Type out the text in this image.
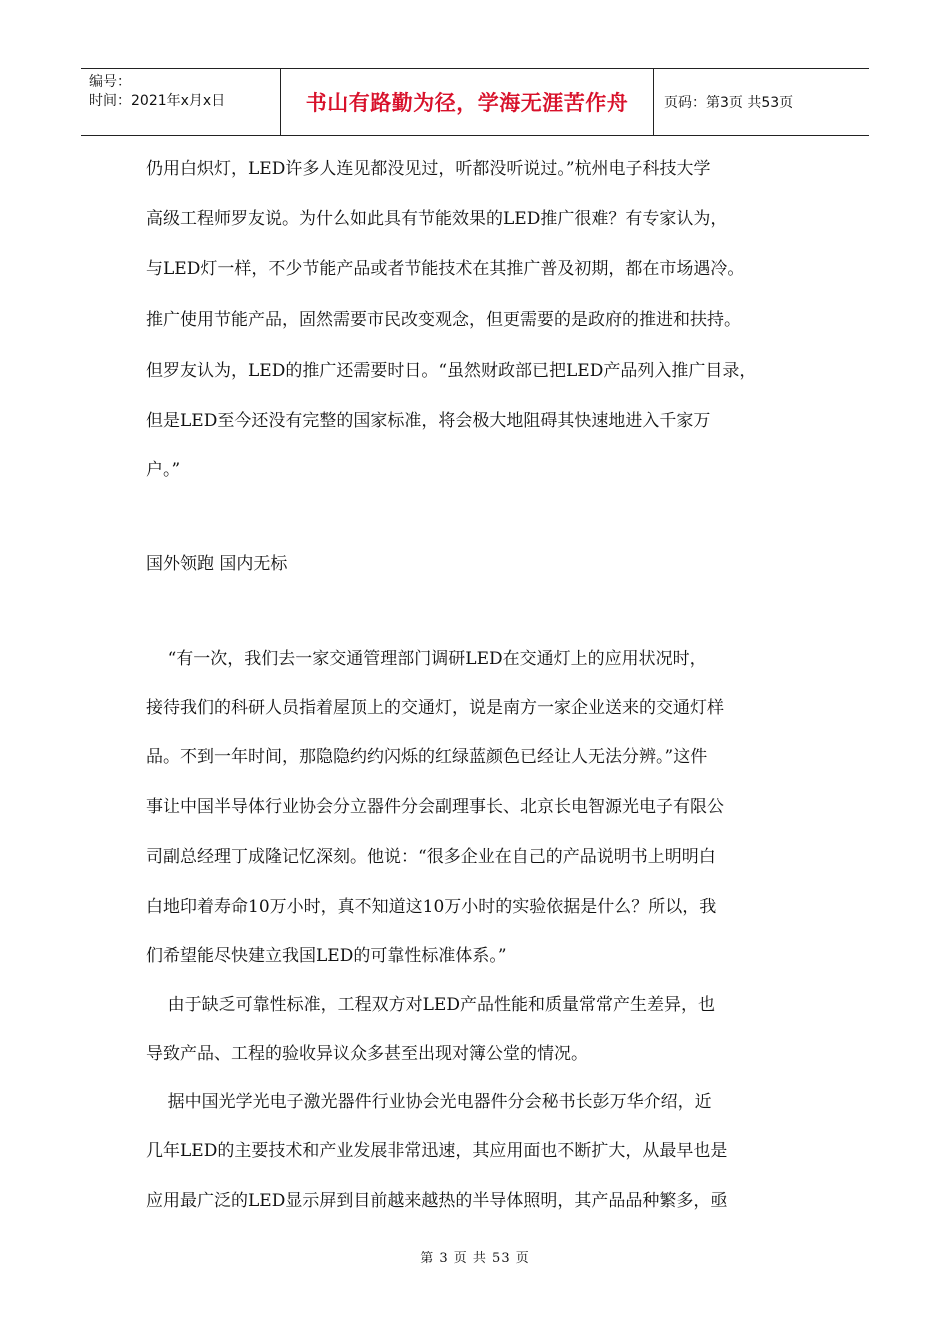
编号：
时间：2021年x月x日	书山有路勤为径，学海无涯苦作舟	页码：第3页 共53页
仍用白炽灯，LED许多人连见都没见过，听都没听说过。”杭州电子科技大学
高级工程师罗友说。为什么如此具有节能效果的LED推广很难？有专家认为，
与LED灯一样，不少节能产品或者节能技术在其推广普及初期，都在市场遇冷。
推广使用节能产品，固然需要市民改变观念，但更需要的是政府的推进和扶持。
但罗友认为，LED的推广还需要时日。“虽然财政部已把LED产品列入推广目录，
但是LED至今还没有完整的国家标准，将会极大地阻碍其快速地进入千家万
户。”
国外领跑 国内无标
“有一次，我们去一家交通管理部门调研LED在交通灯上的应用状况时，
接待我们的科研人员指着屋顶上的交通灯，说是南方一家企业送来的交通灯样
品。不到一年时间，那隐隐约约闪烁的红绿蓝颜色已经让人无法分辨。”这件
事让中国半导体行业协会分立器件分会副理事长、北京长电智源光电子有限公
司副总经理丁成隆记忆深刻。他说：“很多企业在自己的产品说明书上明明白
白地印着寿命10万小时，真不知道这10万小时的实验依据是什么？所以，我
们希望能尽快建立我国LED的可靠性标准体系。”
由于缺乏可靠性标准，工程双方对LED产品性能和质量常常产生差异，也
导致产品、工程的验收异议众多甚至出现对簿公堂的情况。
据中国光学光电子激光器件行业协会光电器件分会秘书长彭万华介绍，近
几年LED的主要技术和产业发展非常迅速，其应用面也不断扩大，从最早也是
应用最广泛的LED显示屏到目前越来越热的半导体照明，其产品品种繁多，亟
第 3 页 共 53 页
